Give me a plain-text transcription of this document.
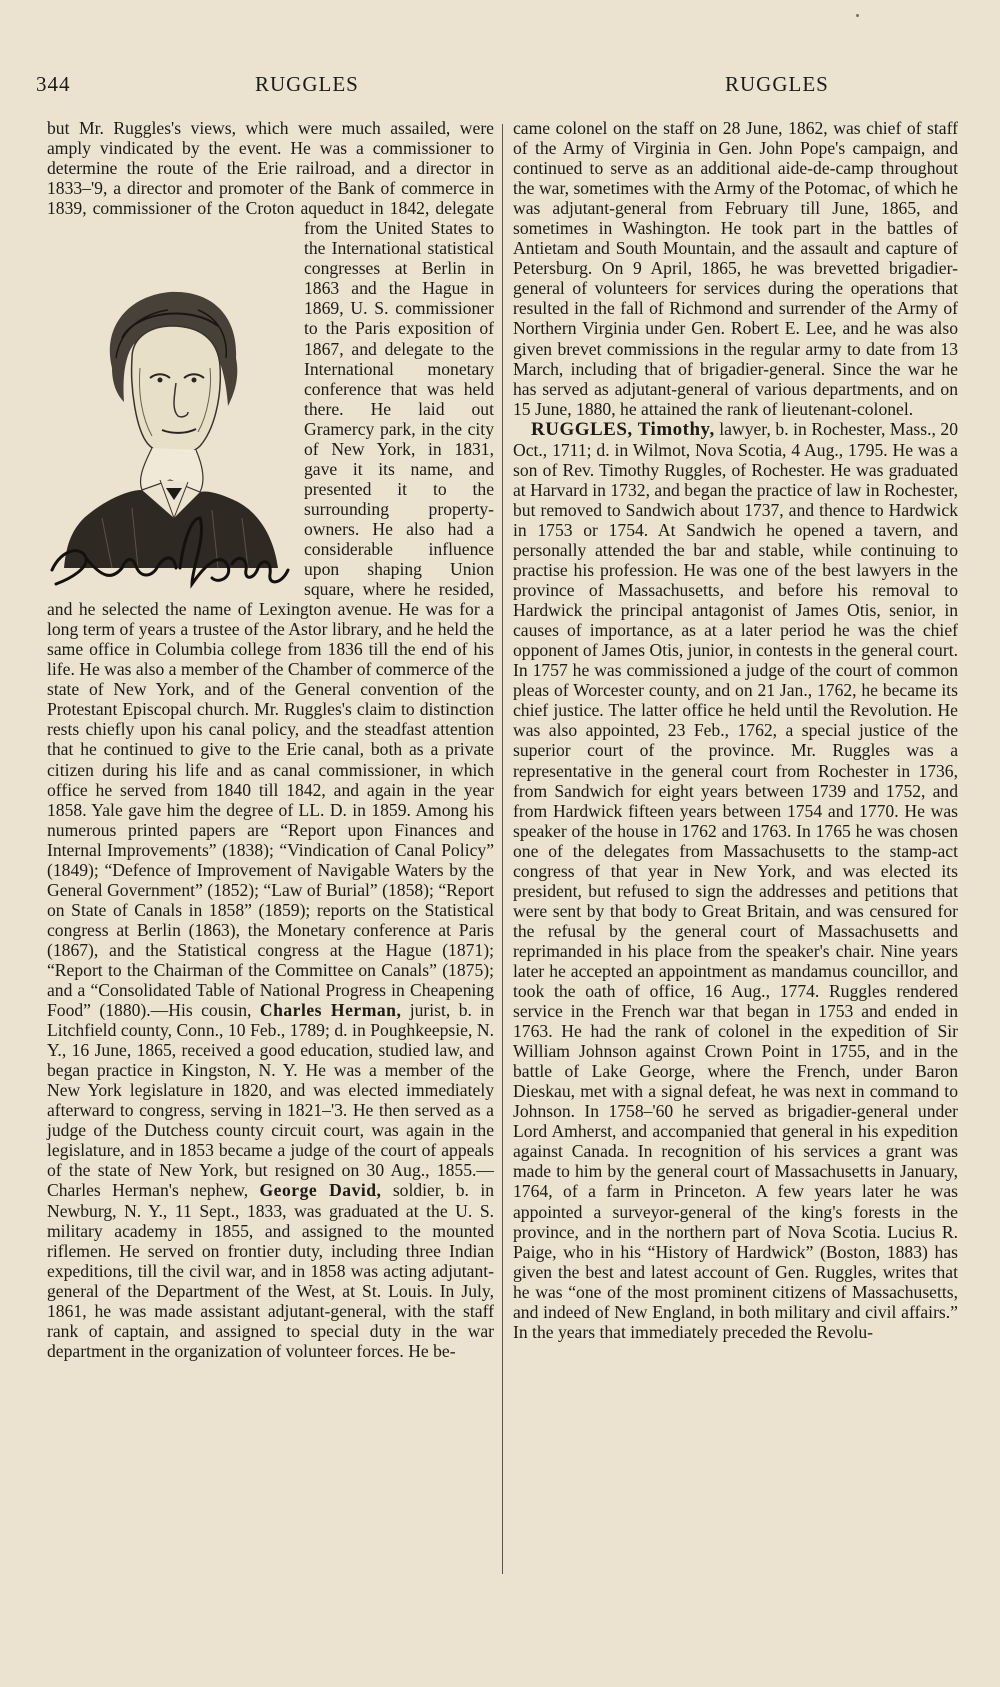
344	RUGGLES	RUGGLES

but Mr. Ruggles's views, which were much assailed, were amply vindicated by the event. He was a commissioner to determine the route of the Erie railroad, and a director in 1833–'9, a director and promoter of the Bank of commerce in 1839, commissioner of the Croton aqueduct in 1842,
delegate from the United States to the International statistical congresses at Berlin in 1863 and the Hague in 1869, U. S. commissioner to the Paris exposition of 1867, and delegate to the International monetary conference that was held there. He laid out Gramercy park, in the city of New York, in 1831, gave it its name, and presented it to the surrounding property-owners. He also had a considerable influence upon shaping Union square, where he resided, and he selected the name of Lexington avenue. He was for a long term of years a trustee of the Astor library, and he held the same office in Columbia college from 1836 till the end of his life. He was also a member of the Chamber of commerce of the state of New York, and of the General convention of the Protestant Episcopal church. Mr. Ruggles's claim to distinction rests chiefly upon his canal policy, and the steadfast attention that he continued to give to the Erie canal, both as a private citizen during his life and as canal commissioner, in which office he served from 1840 till 1842, and again in the year 1858. Yale gave him the degree of LL. D. in 1859. Among his numerous printed papers are “Report upon Finances and Internal Improvements” (1838); “Vindication of Canal Policy” (1849); “Defence of Improvement of Navigable Waters by the General Government” (1852); “Law of Burial” (1858); “Report on State of Canals in 1858” (1859); reports on the Statistical congress at Berlin (1863), the Monetary conference at Paris (1867), and the Statistical congress at the Hague (1871); “Report to the Chairman of the Committee on Canals” (1875); and a “Consolidated Table of National Progress in Cheapening Food” (1880).—His cousin, Charles Herman, jurist, b. in Litchfield county, Conn., 10 Feb., 1789; d. in Poughkeepsie, N. Y., 16 June, 1865, received a good education, studied law, and began practice in Kingston, N. Y. He was a member of the New York legislature in 1820, and was elected immediately afterward to congress, serving in 1821–'3. He then served as a judge of the Dutchess county circuit court, was again in the legislature, and in 1853 became a judge of the court of appeals of the state of New York, but resigned on 30 Aug., 1855.—Charles Herman's nephew, George David, soldier, b. in Newburg, N. Y., 11 Sept., 1833, was graduated at the U. S. military academy in 1855, and assigned to the mounted riflemen. He served on frontier duty, including three Indian expeditions, till the civil war, and in 1858 was acting adjutant-general of the Department of the West, at St. Louis. In July, 1861, he was made assistant adjutant-general, with the staff rank of captain, and assigned to special duty in the war department in the organization of volunteer forces. He be-

came colonel on the staff on 28 June, 1862, was chief of staff of the Army of Virginia in Gen. John Pope's campaign, and continued to serve as an additional aide-de-camp throughout the war, sometimes with the Army of the Potomac, of which he was adjutant-general from February till June, 1865, and sometimes in Washington. He took part in the battles of Antietam and South Mountain, and the assault and capture of Petersburg. On 9 April, 1865, he was brevetted brigadier-general of volunteers for services during the operations that resulted in the fall of Richmond and surrender of the Army of Northern Virginia under Gen. Robert E. Lee, and he was also given brevet commissions in the regular army to date from 13 March, including that of brigadier-general. Since the war he has served as adjutant-general of various departments, and on 15 June, 1880, he attained the rank of lieutenant-colonel.

RUGGLES, Timothy, lawyer, b. in Rochester, Mass., 20 Oct., 1711; d. in Wilmot, Nova Scotia, 4 Aug., 1795. He was a son of Rev. Timothy Ruggles, of Rochester. He was graduated at Harvard in 1732, and began the practice of law in Rochester, but removed to Sandwich about 1737, and thence to Hardwick in 1753 or 1754. At Sandwich he opened a tavern, and personally attended the bar and stable, while continuing to practise his profession. He was one of the best lawyers in the province of Massachusetts, and before his removal to Hardwick the principal antagonist of James Otis, senior, in causes of importance, as at a later period he was the chief opponent of James Otis, junior, in contests in the general court. In 1757 he was commissioned a judge of the court of common pleas of Worcester county, and on 21 Jan., 1762, he became its chief justice. The latter office he held until the Revolution. He was also appointed, 23 Feb., 1762, a special justice of the superior court of the province. Mr. Ruggles was a representative in the general court from Rochester in 1736, from Sandwich for eight years between 1739 and 1752, and from Hardwick fifteen years between 1754 and 1770. He was speaker of the house in 1762 and 1763. In 1765 he was chosen one of the delegates from Massachusetts to the stamp-act congress of that year in New York, and was elected its president, but refused to sign the addresses and petitions that were sent by that body to Great Britain, and was censured for the refusal by the general court of Massachusetts and reprimanded in his place from the speaker's chair. Nine years later he accepted an appointment as mandamus councillor, and took the oath of office, 16 Aug., 1774. Ruggles rendered service in the French war that began in 1753 and ended in 1763. He had the rank of colonel in the expedition of Sir William Johnson against Crown Point in 1755, and in the battle of Lake George, where the French, under Baron Dieskau, met with a signal defeat, he was next in command to Johnson. In 1758–'60 he served as brigadier-general under Lord Amherst, and accompanied that general in his expedition against Canada. In recognition of his services a grant was made to him by the general court of Massachusetts in January, 1764, of a farm in Princeton. A few years later he was appointed a surveyor-general of the king's forests in the province, and in the northern part of Nova Scotia. Lucius R. Paige, who in his “History of Hardwick” (Boston, 1883) has given the best and latest account of Gen. Ruggles, writes that he was “one of the most prominent citizens of Massachusetts, and indeed of New England, in both military and civil affairs.” In the years that immediately preceded the Revolu-
